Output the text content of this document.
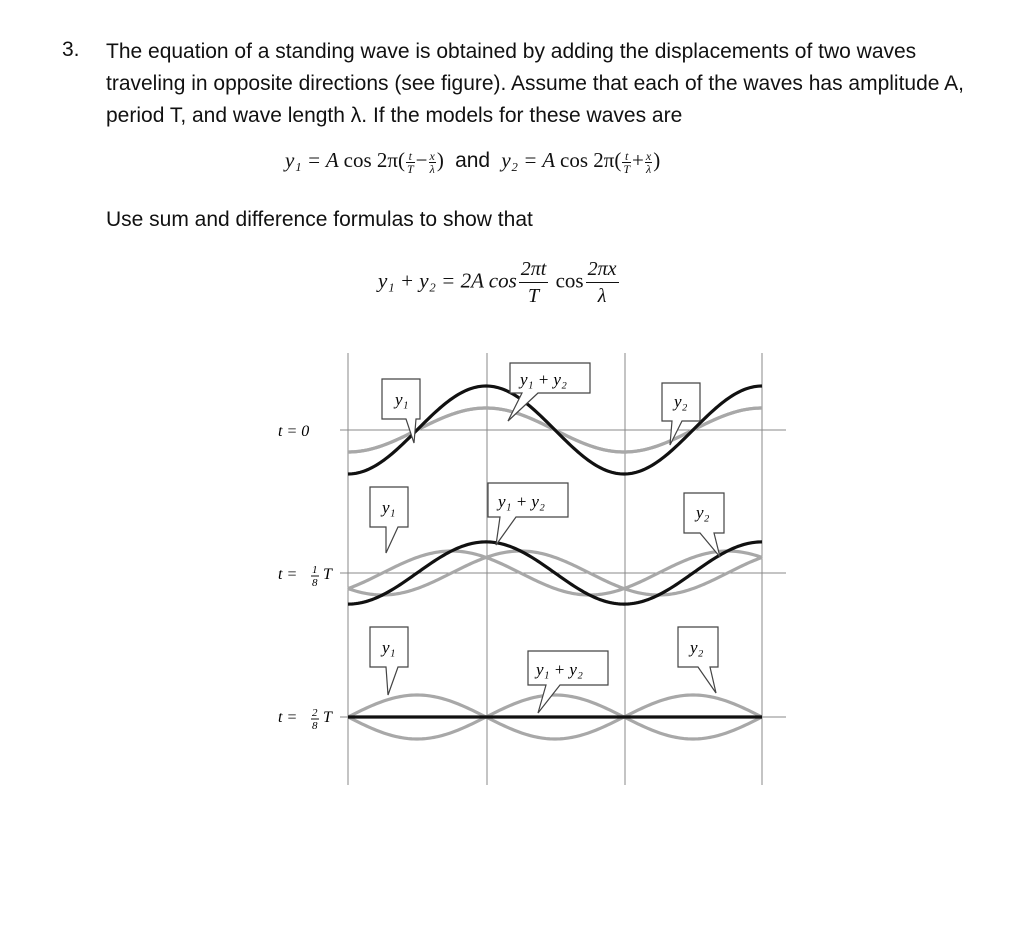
3. The equation of a standing wave is obtained by adding the displacements of two waves
traveling in opposite directions (see figure). Assume that each of the waves has amplitude A,
period T, and wave length λ. If the models for these waves are
y₁ = A $\cos 2\pi( \frac{t}{T} - \frac{x}{\lambda}$ ) and y₂ = A $\cos 2\pi( \frac{t}{T} + \frac{x}{\lambda}$ )
Use sum and difference formulas to show that
y₁ + y₂ = 2A $\cos \frac{2\pi t}{T}$ $\cos \frac{2\pi x}{\lambda}$
t = 0
t = 1
8 T
t = 2
8 T
y₁
y₁ + y₂
y₂
y₁	y₁ + y₂
y₂
y₁
y₁ + y₂
y₂
